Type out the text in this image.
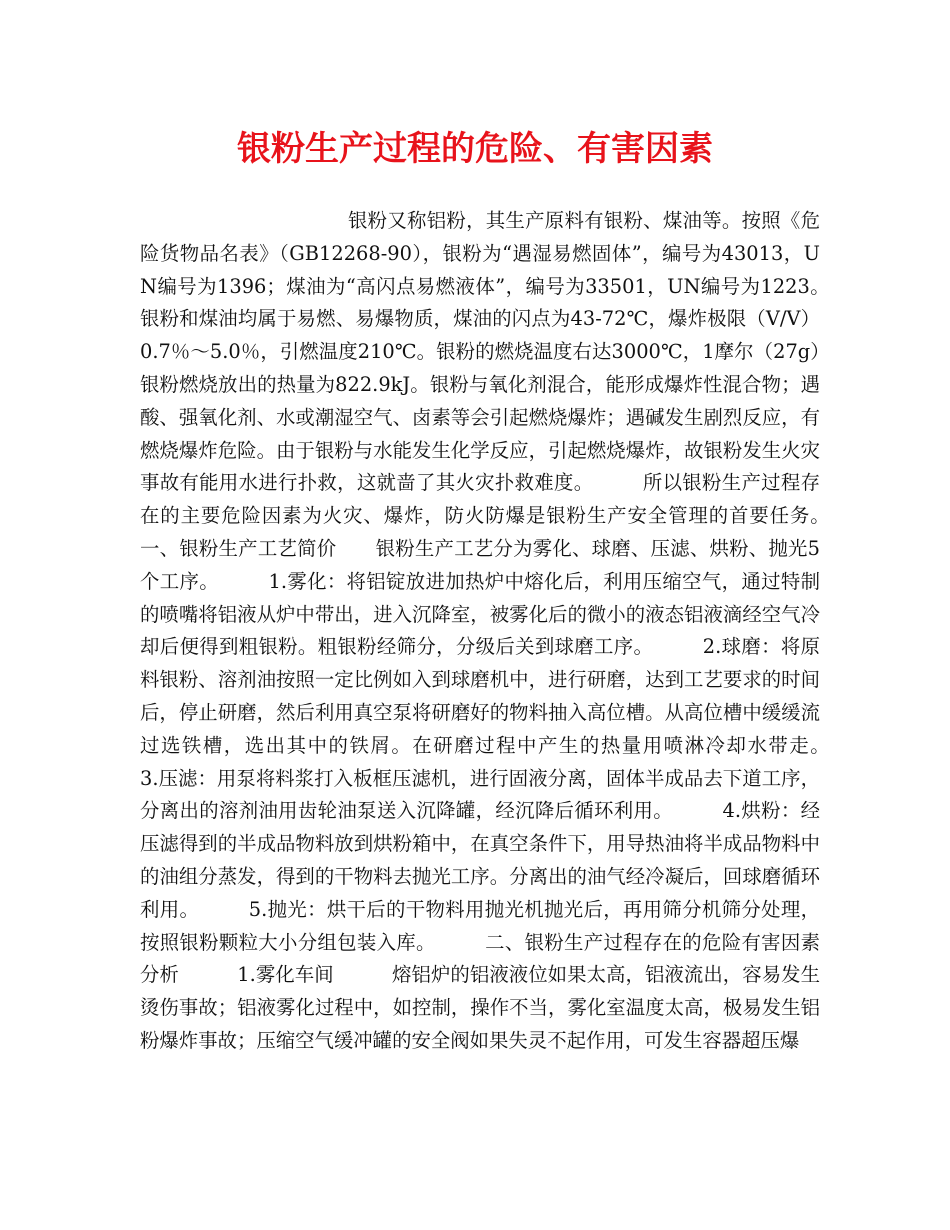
银粉生产过程的危险、有害因素

银粉又称铝粉，其生产原料有银粉、煤油等。按照《危险货物品名表》（GB12268-90），银粉为“遇湿易燃固体”，编号为43013，UN编号为1396；煤油为“高闪点易燃液体”，编号为33501，UN编号为1223。　　　银粉和煤油均属于易燃、易爆物质，煤油的闪点为43-72℃，爆炸极限（V/V）0.7％～5.0％，引燃温度210℃。银粉的燃烧温度右达3000℃，1摩尔（27g）银粉燃烧放出的热量为822.9kJ。银粉与氧化剂混合，能形成爆炸性混合物；遇酸、强氧化剂、水或潮湿空气、卤素等会引起燃烧爆炸；遇碱发生剧烈反应，有燃烧爆炸危险。由于银粉与水能发生化学反应，引起燃烧爆炸，故银粉发生火灾事故有能用水进行扑救，这就啬了其火灾扑救难度。　　　所以银粉生产过程存在的主要危险因素为火灾、爆炸，防火防爆是银粉生产安全管理的首要任务。　　　一、银粉生产工艺简价　　银粉生产工艺分为雾化、球磨、压滤、烘粉、抛光5个工序。　　　1.雾化：将铝锭放进加热炉中熔化后，利用压缩空气，通过特制的喷嘴将铝液从炉中带出，进入沉降室，被雾化后的微小的液态铝液滴经空气冷却后便得到粗银粉。粗银粉经筛分，分级后关到球磨工序。　　　2.球磨：将原料银粉、溶剂油按照一定比例如入到球磨机中，进行研磨，达到工艺要求的时间后，停止研磨，然后利用真空泵将研磨好的物料抽入高位槽。从高位槽中缓缓流过选铁槽，选出其中的铁屑。在研磨过程中产生的热量用喷淋冷却水带走。　　　3.压滤：用泵将料浆打入板框压滤机，进行固液分离，固体半成品去下道工序，分离出的溶剂油用齿轮油泵送入沉降罐，经沉降后循环利用。　　　4.烘粉：经压滤得到的半成品物料放到烘粉箱中，在真空条件下，用导热油将半成品物料中的油组分蒸发，得到的干物料去抛光工序。分离出的油气经冷凝后，回球磨循环利用。　　　5.抛光：烘干后的干物料用抛光机抛光后，再用筛分机筛分处理，按照银粉颗粒大小分组包装入库。　　　二、银粉生产过程存在的危险有害因素分析　　　1.雾化车间　　　熔铝炉的铝液液位如果太高，铝液流出，容易发生烫伤事故；铝液雾化过程中，如控制，操作不当，雾化室温度太高，极易发生铝粉爆炸事故；压缩空气缓冲罐的安全阀如果失灵不起作用，可发生容器超压爆
